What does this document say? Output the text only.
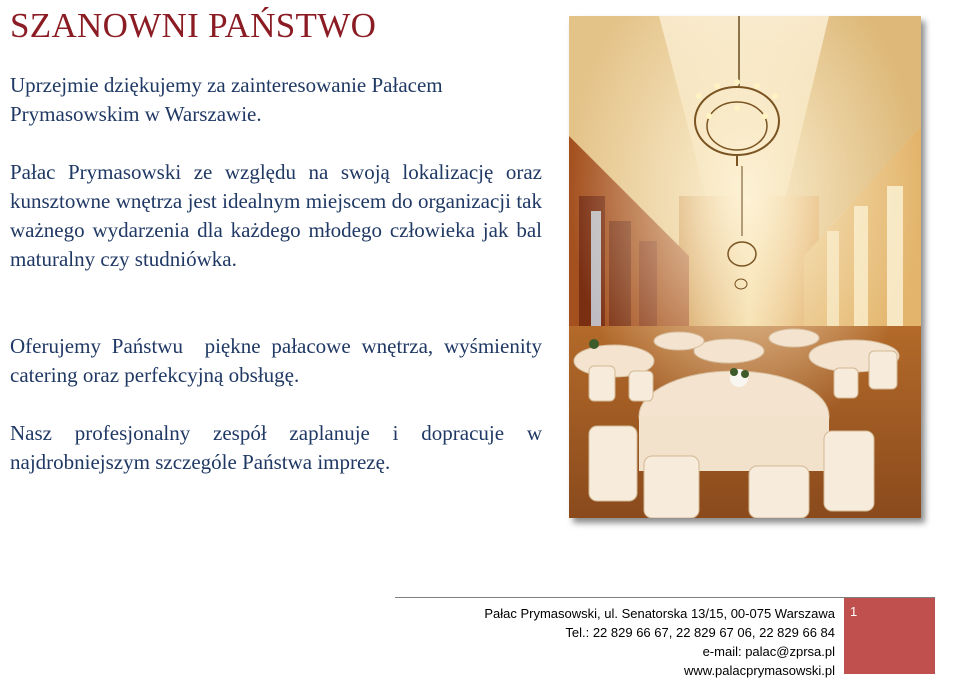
SZANOWNI PAŃSTWO
Uprzejmie dziękujemy za zainteresowanie Pałacem
Prymasowskim w Warszawie.

Pałac Prymasowski ze względu na swoją lokalizację oraz kunsztowne wnętrza jest idealnym miejscem do organizacji tak ważnego wydarzenia dla każdego młodego człowieka jak bal maturalny czy studniówka.

Oferujemy Państwu  piękne pałacowe wnętrza, wyśmienity catering oraz perfekcyjną obsługę.

Nasz profesjonalny zespół zaplanuje i dopracuje w najdrobniejszym szczególe Państwa imprezę.

Pałac Prymasowski, ul. Senatorska 13/15, 00-075 Warszawa
Tel.: 22 829 66 67, 22 829 67 06, 22 829 66 84
e-mail: palac@zprsa.pl
www.palacprymasowski.pl
1
